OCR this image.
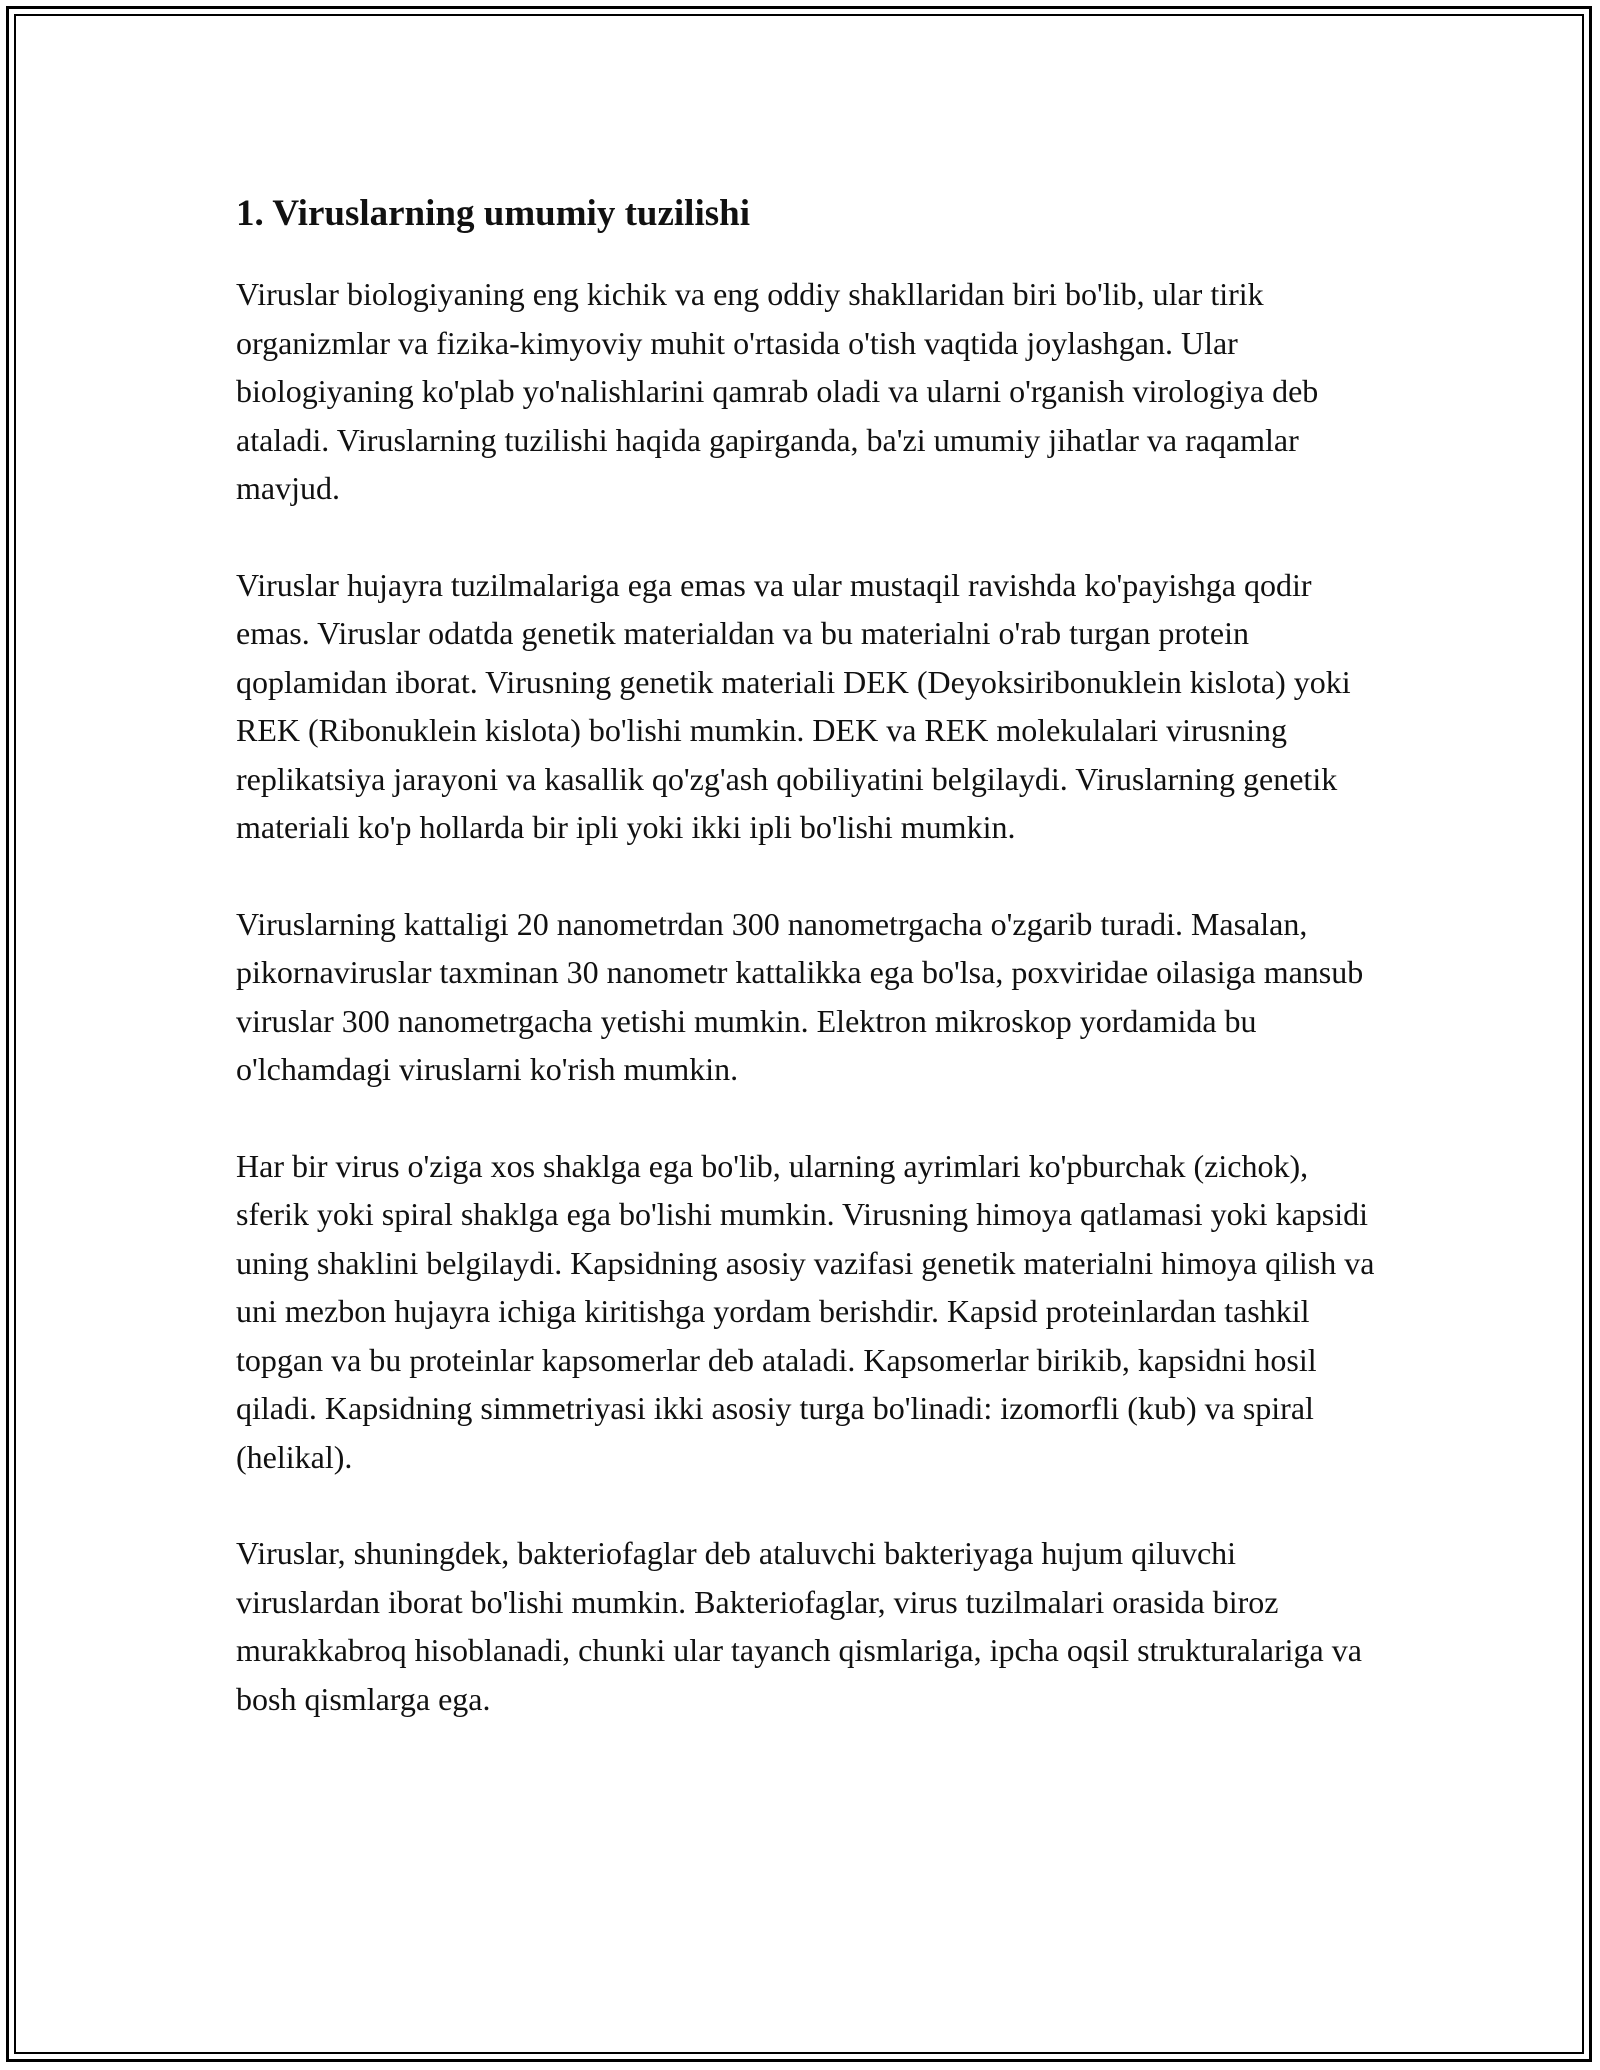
1. Viruslarning umumiy tuzilishi

Viruslar biologiyaning eng kichik va eng oddiy shakllaridan biri bo'lib, ular tirik organizmlar va fizika-kimyoviy muhit o'rtasida o'tish vaqtida joylashgan. Ular biologiyaning ko'plab yo'nalishlarini qamrab oladi va ularni o'rganish virologiya deb ataladi. Viruslarning tuzilishi haqida gapirganda, ba'zi umumiy jihatlar va raqamlar mavjud.

Viruslar hujayra tuzilmalariga ega emas va ular mustaqil ravishda ko'payishga qodir emas. Viruslar odatda genetik materialdan va bu materialni o'rab turgan protein qoplamidan iborat. Virusning genetik materiali DEK (Deyoksiribonuklein kislota) yoki REK (Ribonuklein kislota) bo'lishi mumkin. DEK va REK molekulalari virusning replikatsiya jarayoni va kasallik qo'zg'ash qobiliyatini belgilaydi. Viruslarning genetik materiali ko'p hollarda bir ipli yoki ikki ipli bo'lishi mumkin.

Viruslarning kattaligi 20 nanometrdan 300 nanometrgacha o'zgarib turadi. Masalan, pikornaviruslar taxminan 30 nanometr kattalikka ega bo'lsa, poxviridae oilasiga mansub viruslar 300 nanometrgacha yetishi mumkin. Elektron mikroskop yordamida bu o'lchamdagi viruslarni ko'rish mumkin.

Har bir virus o'ziga xos shaklga ega bo'lib, ularning ayrimlari ko'pburchak (zichok), sferik yoki spiral shaklga ega bo'lishi mumkin. Virusning himoya qatlamasi yoki kapsidi uning shaklini belgilaydi. Kapsidning asosiy vazifasi genetik materialni himoya qilish va uni mezbon hujayra ichiga kiritishga yordam berishdir. Kapsid proteinlardan tashkil topgan va bu proteinlar kapsomerlar deb ataladi. Kapsomerlar birikib, kapsidni hosil qiladi. Kapsidning simmetriyasi ikki asosiy turga bo'linadi: izomorfli (kub) va spiral (helikal).

Viruslar, shuningdek, bakteriofaglar deb ataluvchi bakteriyaga hujum qiluvchi viruslardan iborat bo'lishi mumkin. Bakteriofaglar, virus tuzilmalari orasida biroz murakkabroq hisoblanadi, chunki ular tayanch qismlariga, ipcha oqsil strukturalariga va bosh qismlarga ega.
